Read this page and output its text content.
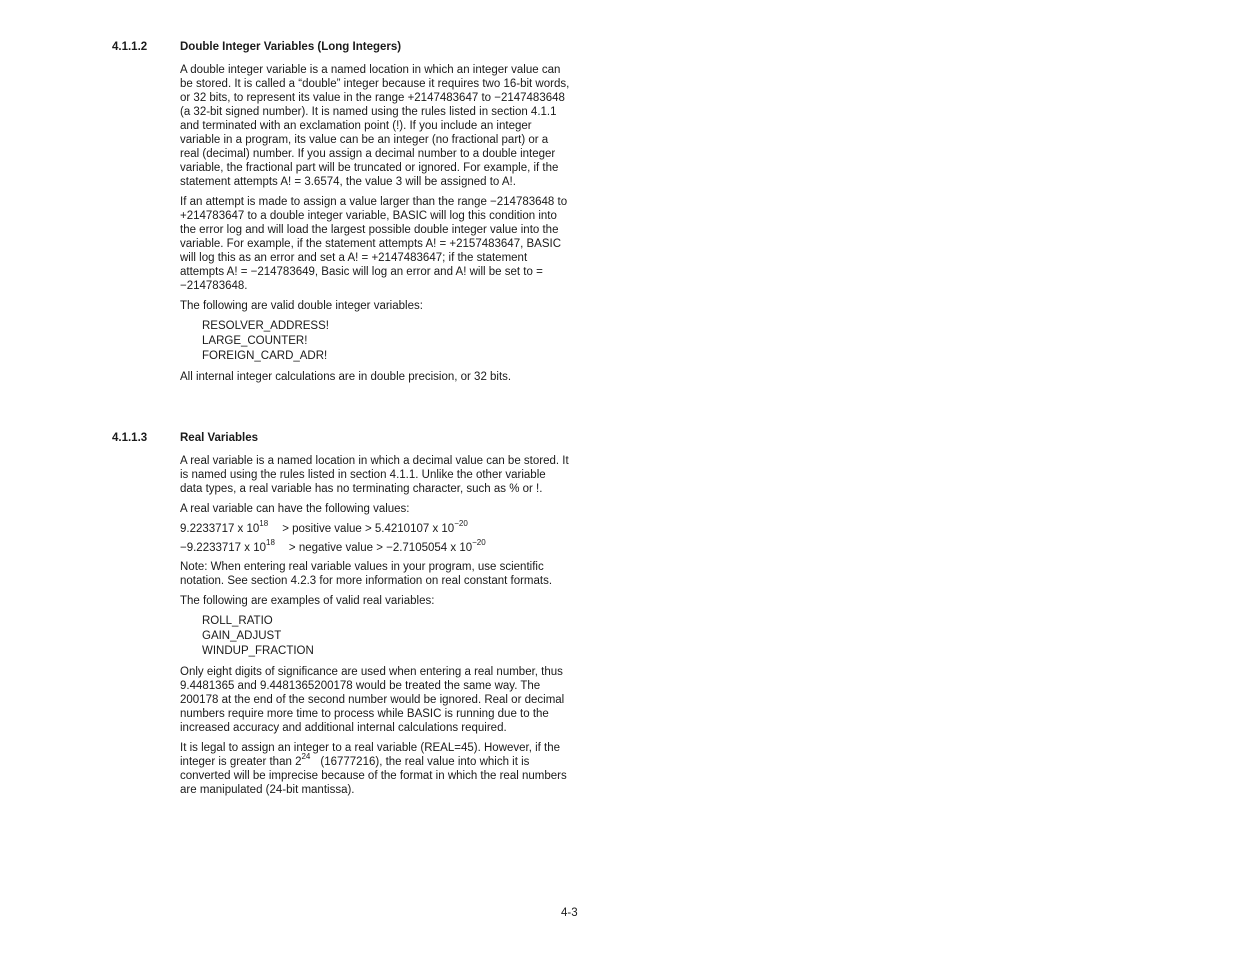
4.1.1.2	Double Integer Variables (Long Integers)

A double integer variable is a named location in which an integer value can be stored. It is called a “double” integer because it requires two 16-bit words, or 32 bits, to represent its value in the range +2147483647 to −2147483648 (a 32-bit signed number). It is named using the rules listed in section 4.1.1 and terminated with an exclamation point (!). If you include an integer variable in a program, its value can be an integer (no fractional part) or a real (decimal) number. If you assign a decimal number to a double integer variable, the fractional part will be truncated or ignored. For example, if the statement attempts A! = 3.6574, the value 3 will be assigned to A!.

If an attempt is made to assign a value larger than the range −214783648 to +214783647 to a double integer variable, BASIC will log this condition into the error log and will load the largest possible double integer value into the variable. For example, if the statement attempts A! = +2157483647, BASIC will log this as an error and set a A! = +2147483647; if the statement attempts A! = −214783649, Basic will log an error and A! will be set to = −214783648.

The following are valid double integer variables:

RESOLVER_ADDRESS!
LARGE_COUNTER!
FOREIGN_CARD_ADR!

All internal integer calculations are in double precision, or 32 bits.

4.1.1.3	Real Variables

A real variable is a named location in which a decimal value can be stored. It is named using the rules listed in section 4.1.1. Unlike the other variable data types, a real variable has no terminating character, such as % or !.

A real variable can have the following values:

9.2233717 x $10^{18}$ > positive value > 5.4210107 x $10^{-20}$
−9.2233717 x $10^{18}$ > negative value > −2.7105054 x $10^{-20}$

Note: When entering real variable values in your program, use scientific notation. See section 4.2.3 for more information on real constant formats.

The following are examples of valid real variables:

ROLL_RATIO
GAIN_ADJUST
WINDUP_FRACTION

Only eight digits of significance are used when entering a real number, thus 9.4481365 and 9.4481365200178 would be treated the same way. The 200178 at the end of the second number would be ignored. Real or decimal numbers require more time to process while BASIC is running due to the increased accuracy and additional internal calculations required.

It is legal to assign an integer to a real variable (REAL=45). However, if the integer is greater than $2^{24}$ (16777216), the real value into which it is converted will be imprecise because of the format in which the real numbers are manipulated (24-bit mantissa).

4-3
